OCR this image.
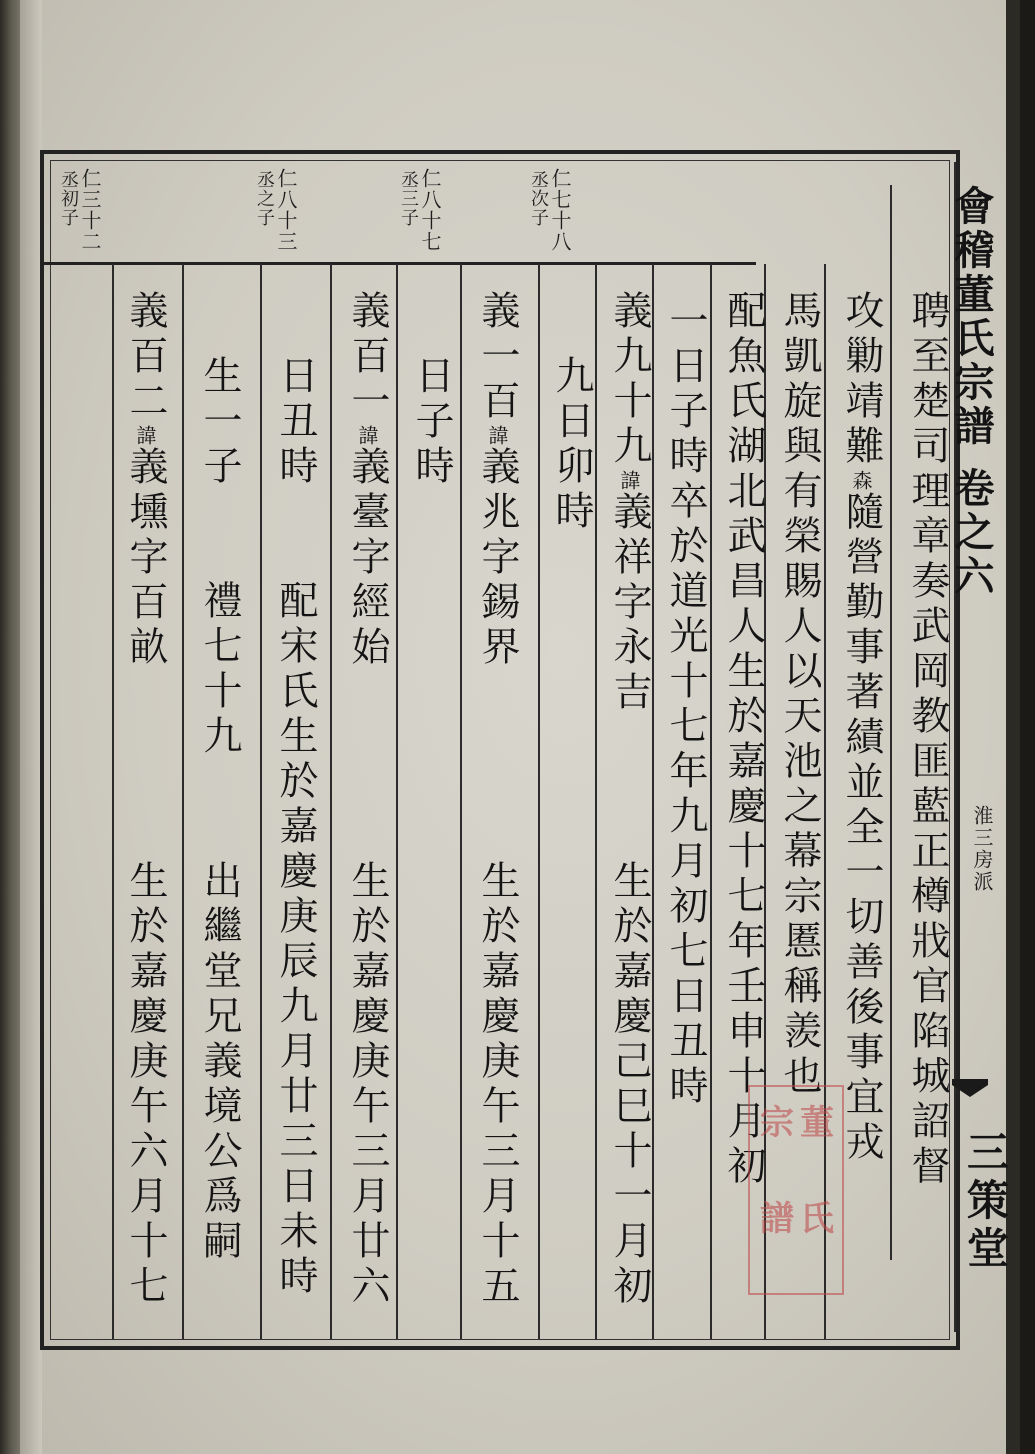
會稽董氏宗譜 卷之六
淮三房派
三策堂
仁七十八
丞次子
仁八十七
丞三子
仁八十三
丞之子
仁三十二
丞初子
聘至楚司理章奏武岡教匪藍正樽戕官陷城詔督
攻勦靖難森隨營勤事著績並全一切善後事宜戎
馬凱旋與有榮賜人以天池之幕宗慝稱羨也
配魚氏湖北武昌人生於嘉慶十七年壬申十月初
一日子時卒於道光十七年九月初七日丑時
義九十九諱義祥字永吉
生於嘉慶己巳十一月初
九日卯時
義一百諱義兆字錫界
生於嘉慶庚午三月十五
日子時
義百一諱義臺字經始
生於嘉慶庚午三月廿六
日丑時
配宋氏生於嘉慶庚辰九月廿三日未時
生一子
禮七十九
出繼堂兄義境公爲嗣
義百二諱義壎字百畝
生於嘉慶庚午六月十七	董
氏
宗
譜
